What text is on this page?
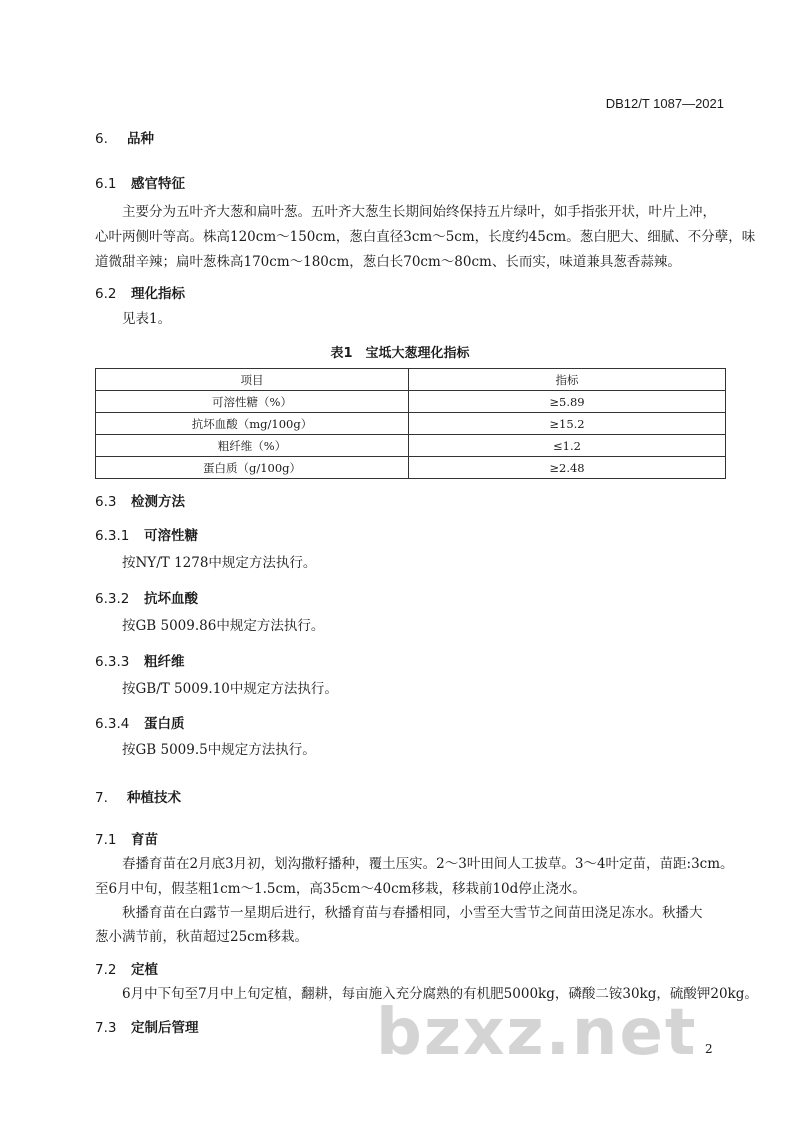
DB12/T 1087—2021
6. 品种
6.1 感官特征
主要分为五叶齐大葱和扁叶葱。五叶齐大葱生长期间始终保持五片绿叶，如手指张开状，叶片上冲，
心叶两侧叶等高。株高120cm～150cm，葱白直径3cm～5cm，长度约45cm。葱白肥大、细腻、不分孽，味
道微甜辛辣；扁叶葱株高170cm～180cm，葱白长70cm～80cm、长而实，味道兼具葱香蒜辣。
6.2 理化指标
见表1。
表1　宝坻大葱理化指标
项目	指标
可溶性糖（%）	≥5.89
抗坏血酸（mg/100g）	≥15.2
粗纤维（%）	≤1.2
蛋白质（g/100g）	≥2.48
6.3 检测方法
6.3.1 可溶性糖
按NY/T 1278中规定方法执行。
6.3.2 抗坏血酸
按GB 5009.86中规定方法执行。
6.3.3 粗纤维
按GB/T 5009.10中规定方法执行。
6.3.4 蛋白质
按GB 5009.5中规定方法执行。
7. 种植技术
7.1 育苗
春播育苗在2月底3月初，划沟撒籽播种，覆土压实。2～3叶田间人工拔草。3～4叶定苗，苗距:3cm。
至6月中旬，假茎粗1cm～1.5cm，高35cm～40cm移栽，移栽前10d停止浇水。
秋播育苗在白露节一星期后进行，秋播育苗与春播相同，小雪至大雪节之间苗田浇足冻水。秋播大
葱小满节前，秋苗超过25cm移栽。
7.2 定植
6月中下旬至7月中上旬定植，翻耕，每亩施入充分腐熟的有机肥5000kg，磷酸二铵30kg，硫酸钾20kg。
bzxz.net
7.3 定制后管理
2
